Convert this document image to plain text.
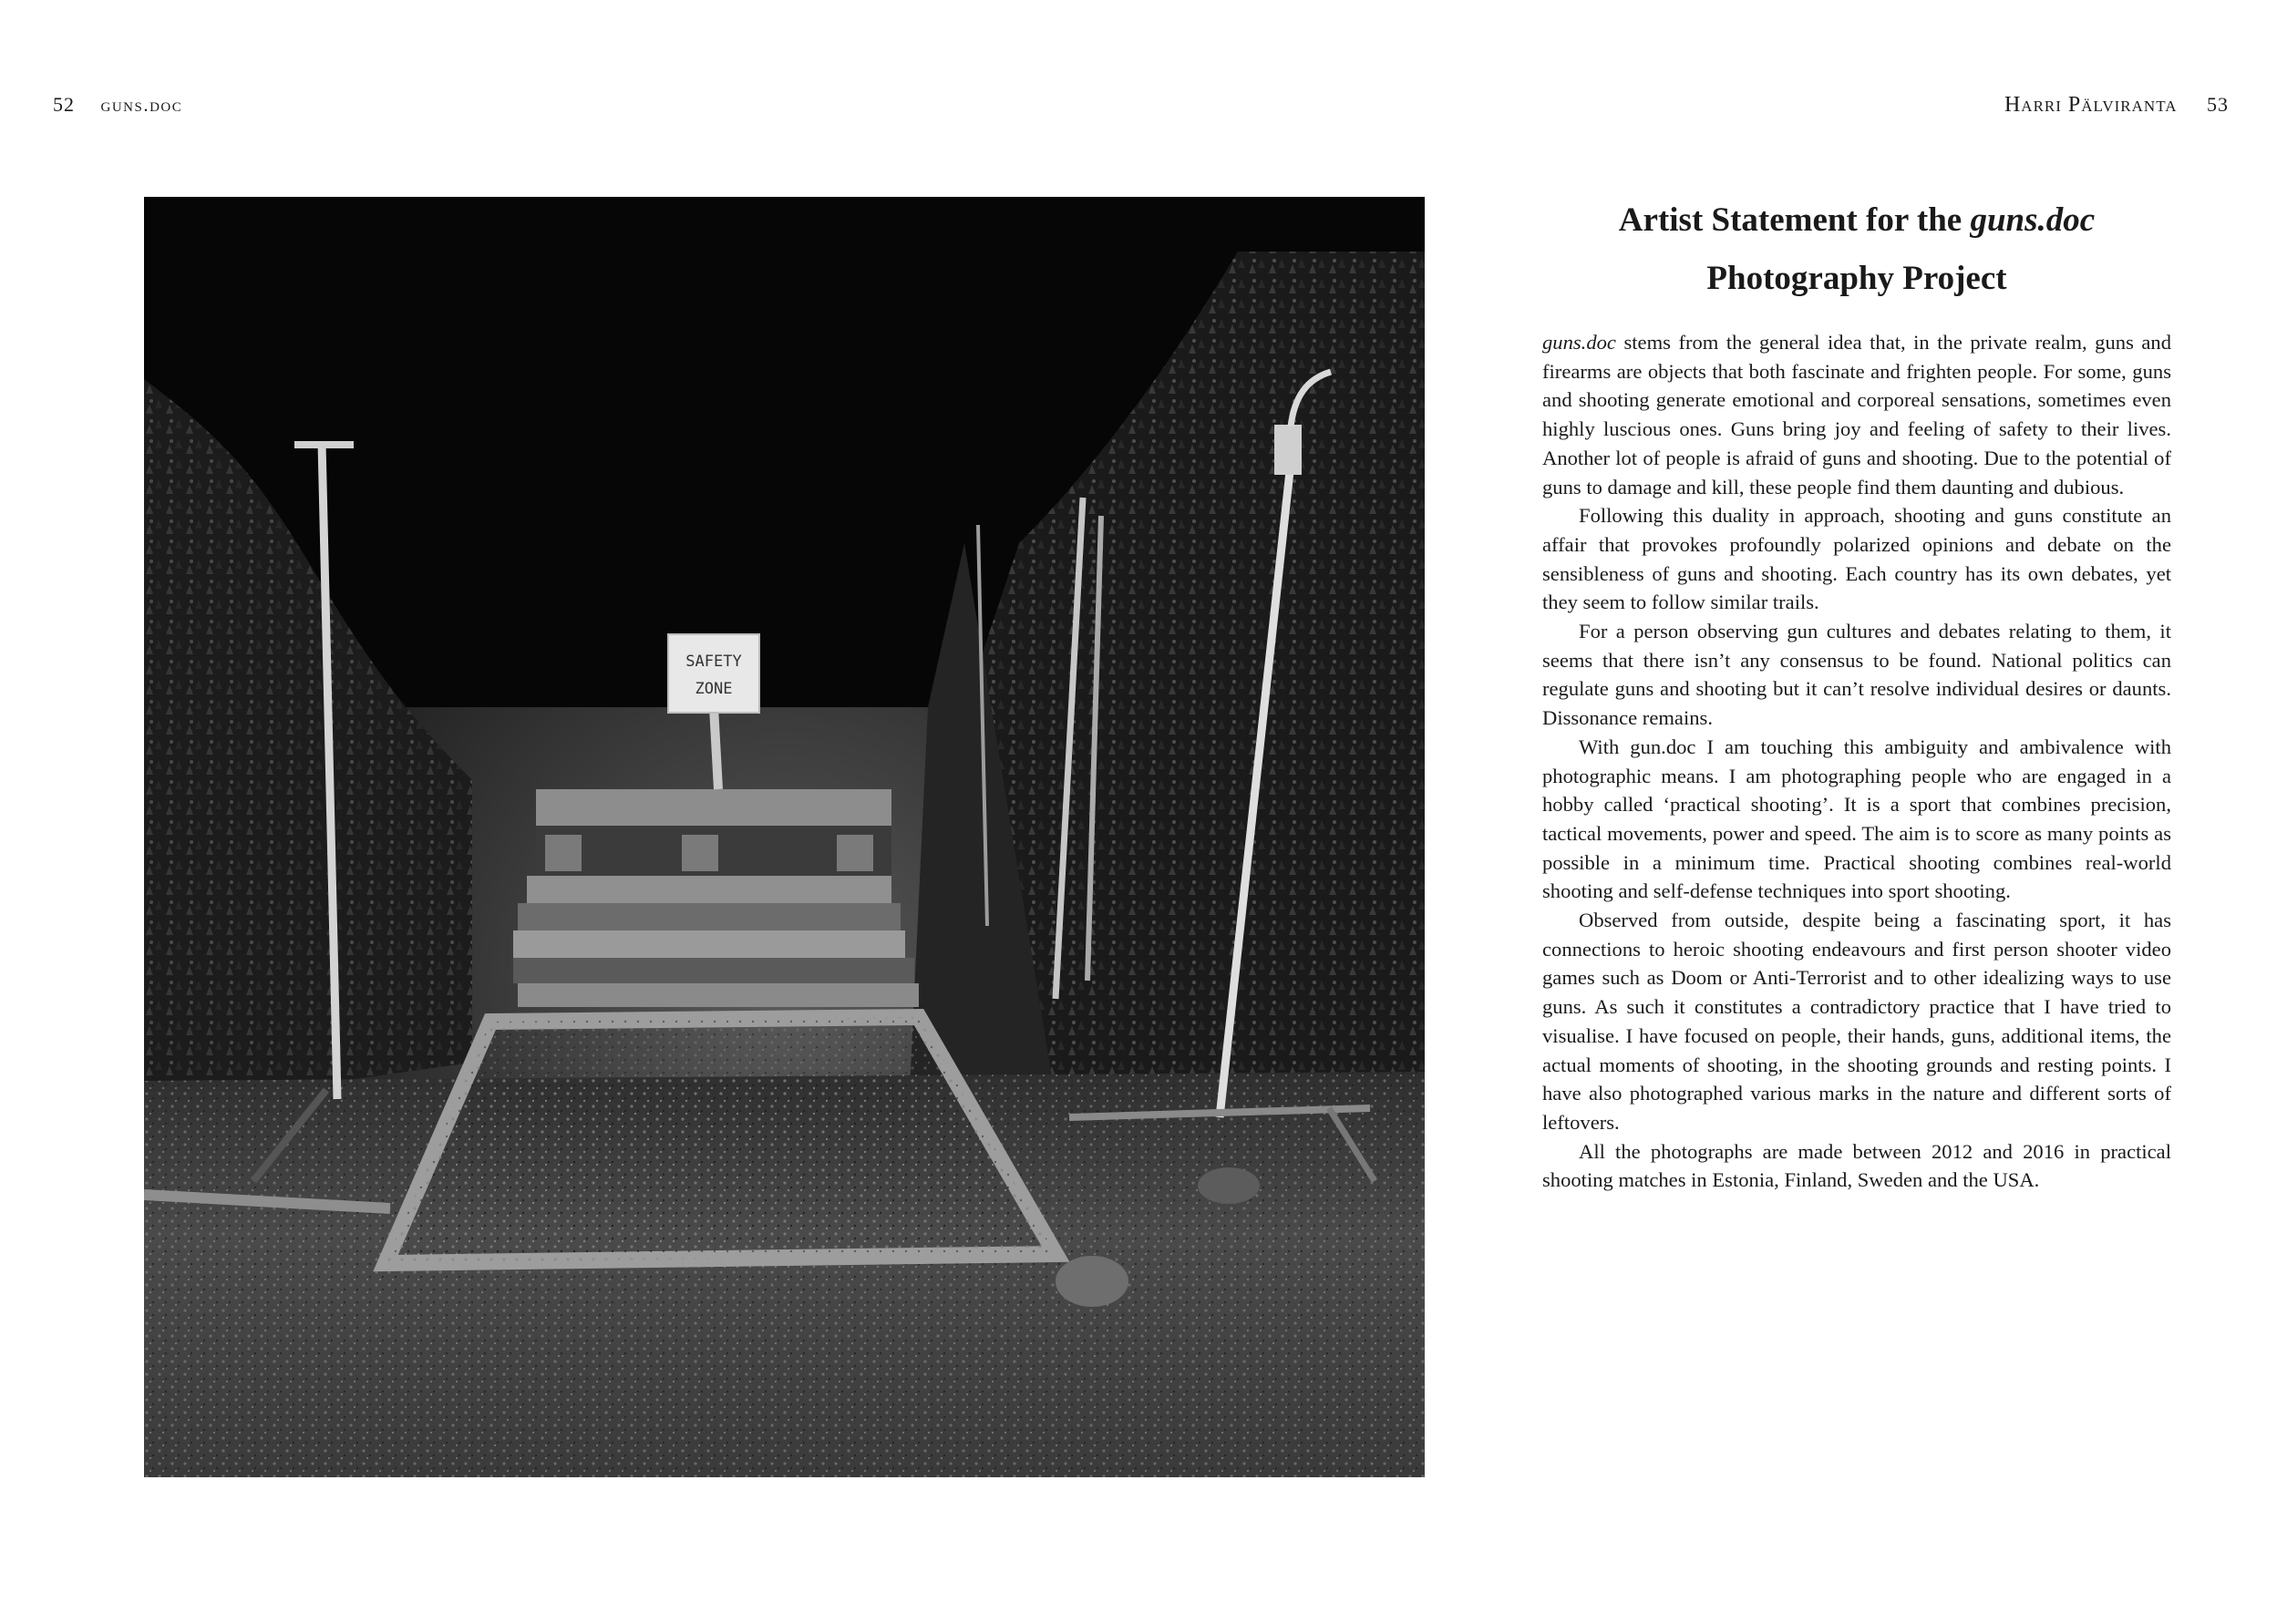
52 guns.doc	Harri Pälviranta 53
SAFETY
ZONE
Artist Statement for the guns.doc
Photography Project

guns.doc stems from the general idea that, in the private realm, guns and firearms are objects that both fascinate and frighten people. For some, guns and shooting generate emotional and corporeal sensations, sometimes even highly luscious ones. Guns bring joy and feeling of safety to their lives. Another lot of people is afraid of guns and shooting. Due to the potential of guns to damage and kill, these people find them daunting and dubious.

Following this duality in approach, shooting and guns constitute an affair that provokes profoundly polarized opinions and debate on the sensibleness of guns and shooting. Each country has its own debates, yet they seem to follow similar trails.

For a person observing gun cultures and debates relating to them, it seems that there isn’t any consensus to be found. National politics can regulate guns and shooting but it can’t resolve individual desires or daunts. Dissonance remains.

With gun.doc I am touching this ambiguity and ambivalence with photographic means. I am photographing people who are engaged in a hobby called ‘practical shooting’. It is a sport that combines precision, tactical movements, power and speed. The aim is to score as many points as possible in a minimum time. Practical shooting combines real-world shooting and self-defense techniques into sport shooting.

Observed from outside, despite being a fascinating sport, it has connections to heroic shooting endeavours and first person shooter video games such as Doom or Anti-Terrorist and to other idealizing ways to use guns. As such it constitutes a contradictory practice that I have tried to visualise. I have focused on people, their hands, guns, additional items, the actual moments of shooting, in the shooting grounds and resting points. I have also photographed various marks in the nature and different sorts of leftovers.

All the photographs are made between 2012 and 2016 in practical shooting matches in Estonia, Finland, Sweden and the USA.
